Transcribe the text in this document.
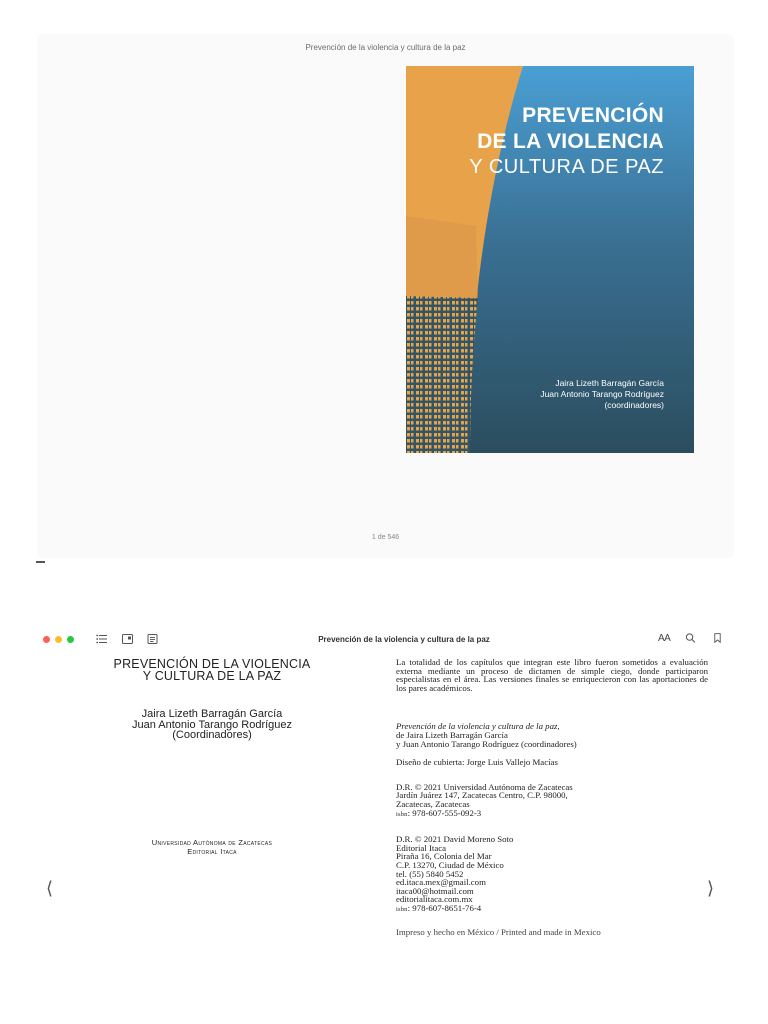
Prevención de la violencia y cultura de la paz
PREVENCIÓN
DE LA VIOLENCIA
Y CULTURA DE PAZ
Jaira Lizeth Barragán García
Juan Antonio Tarango Rodríguez
(coordinadores)
1 de 546
Prevención de la violencia y cultura de la paz	AA
⟨	⟩
PREVENCIÓN DE LA VIOLENCIA
Y CULTURA DE LA PAZ
Jaira Lizeth Barragán García
Juan Antonio Tarango Rodríguez
(Coordinadores)
Universidad Autónoma de Zacatecas
Editorial Itaca

La totalidad de los capítulos que integran este libro fueron sometidos a evaluación externa mediante un proceso de dictamen de simple ciego, donde participaron especialistas en el área. Las versiones finales se enriquecieron con las aportaciones de los pares académicos.

Prevención de la violencia y cultura de la paz,
de Jaira Lizeth Barragán García
y Juan Antonio Tarango Rodríguez (coordinadores)
Diseño de cubierta: Jorge Luis Vallejo Macías
D.R. © 2021 Universidad Autónoma de Zacatecas
Jardín Juárez 147, Zacatecas Centro, C.P. 98000,
Zacatecas, Zacatecas
isbn: 978-607-555-092-3
D.R. © 2021 David Moreno Soto
Editorial Itaca
Piraña 16, Colonia del Mar
C.P. 13270, Ciudad de México
tel. (55) 5840 5452
ed.itaca.mex@gmail.com
itaca00@hotmail.com
editorialitaca.com.mx
isbn: 978-607-8651-76-4
Impreso y hecho en México / Printed and made in Mexico
